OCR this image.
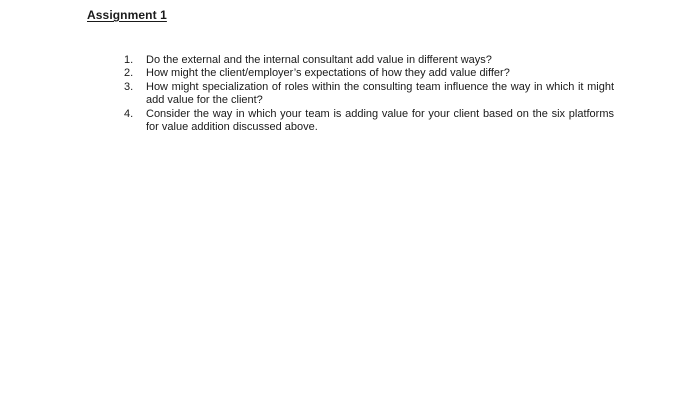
Assignment 1
1.	Do the external and the internal consultant add value in different ways?
2.	How might the client/employer’s expectations of how they add value differ?
3.	How might specialization of roles within the consulting team influence the way in which it might add value for the client?
4.	Consider the way in which your team is adding value for your client based on the six platforms for value addition discussed above.
